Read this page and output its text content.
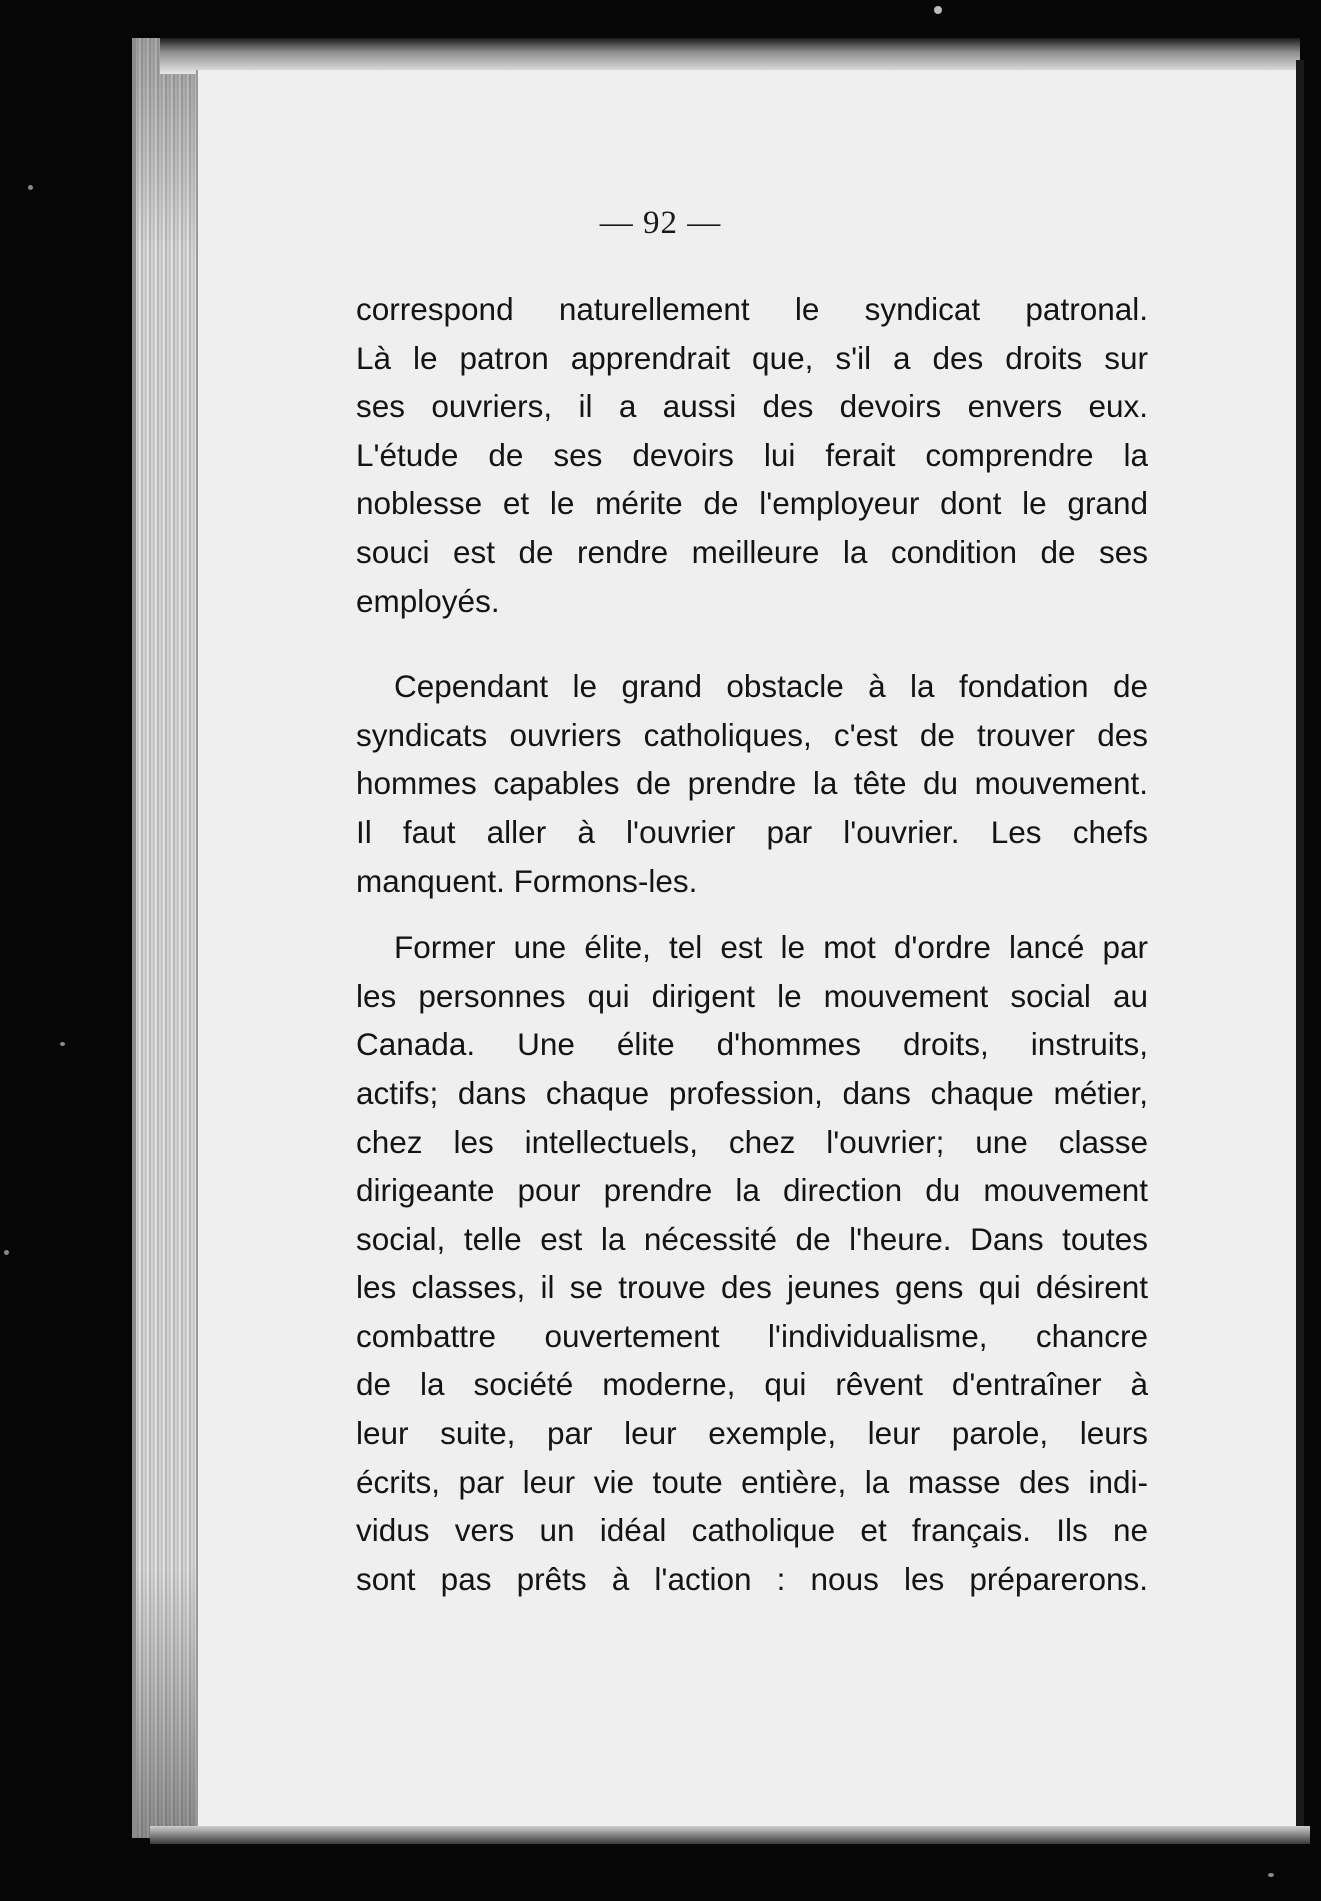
— 92 —

correspond naturellement le syndicat patronal.
Là le patron apprendrait que, s'il a des droits sur
ses ouvriers, il a aussi des devoirs envers eux.
L'étude de ses devoirs lui ferait comprendre la
noblesse et le mérite de l'employeur dont le grand
souci est de rendre meilleure la condition de ses
employés.

Cependant le grand obstacle à la fondation de
syndicats ouvriers catholiques, c'est de trouver des
hommes capables de prendre la tête du mouvement.
Il faut aller à l'ouvrier par l'ouvrier. Les chefs
manquent. Formons-les.

Former une élite, tel est le mot d'ordre lancé par
les personnes qui dirigent le mouvement social au
Canada. Une élite d'hommes droits, instruits,
actifs; dans chaque profession, dans chaque métier,
chez les intellectuels, chez l'ouvrier; une classe
dirigeante pour prendre la direction du mouvement
social, telle est la nécessité de l'heure. Dans toutes
les classes, il se trouve des jeunes gens qui désirent
combattre ouvertement l'individualisme, chancre
de la société moderne, qui rêvent d'entraîner à
leur suite, par leur exemple, leur parole, leurs
écrits, par leur vie toute entière, la masse des indi-
vidus vers un idéal catholique et français. Ils ne
sont pas prêts à l'action : nous les préparerons.
